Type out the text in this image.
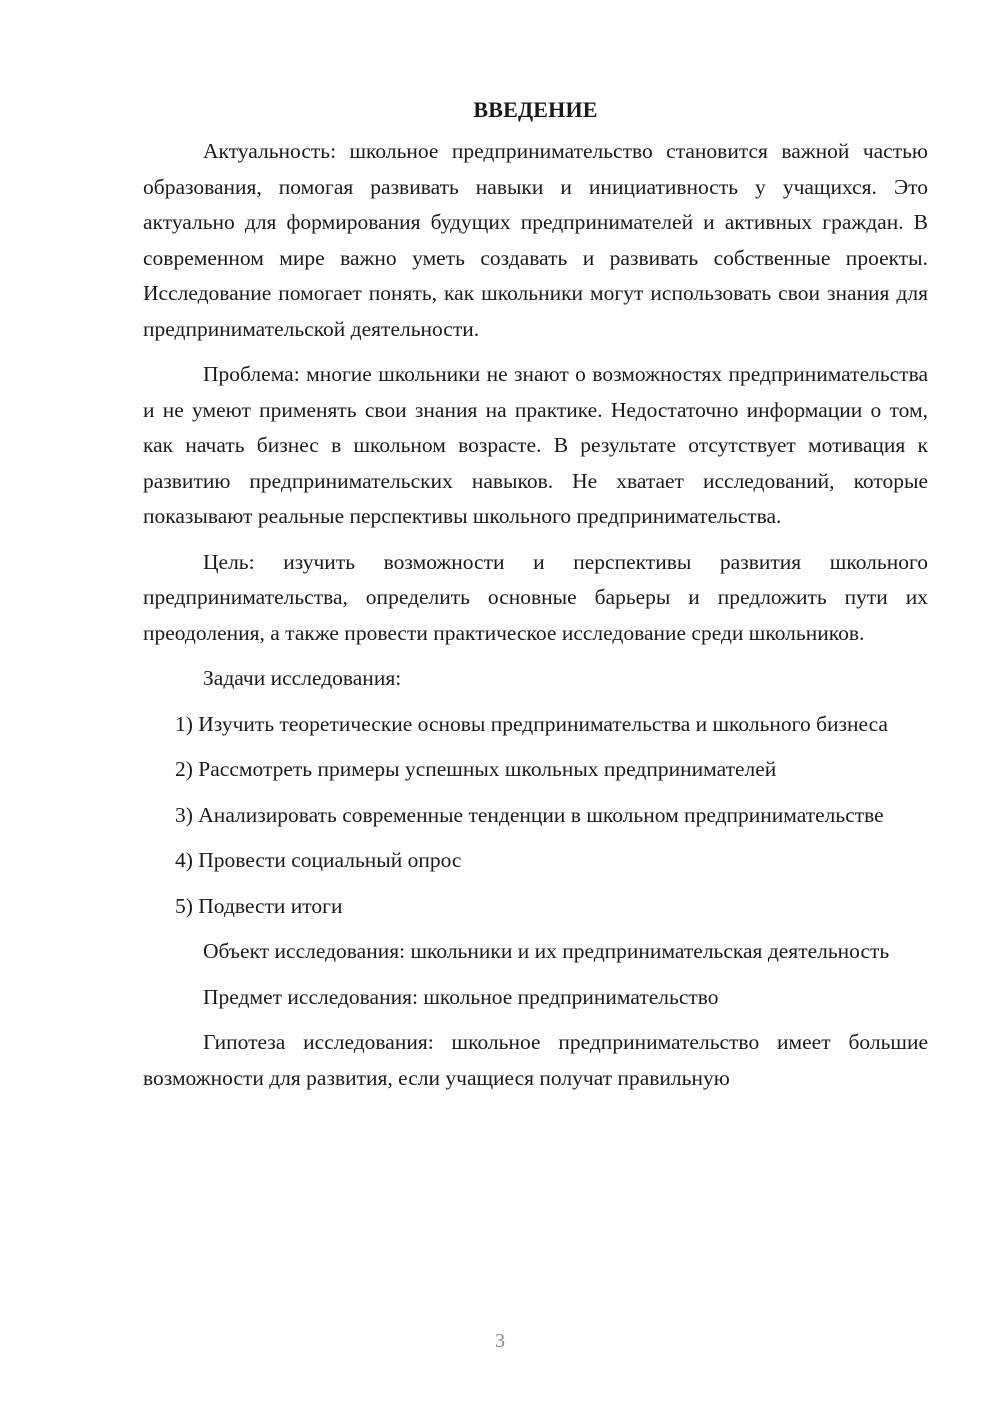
ВВЕДЕНИЕ

Актуальность: школьное предпринимательство становится важной частью образования, помогая развивать навыки и инициативность у учащихся. Это актуально для формирования будущих предпринимателей и активных граждан. В современном мире важно уметь создавать и развивать собственные проекты. Исследование помогает понять, как школьники могут использовать свои знания для предпринимательской деятельности.

Проблема: многие школьники не знают о возможностях предпринимательства и не умеют применять свои знания на практике. Недостаточно информации о том, как начать бизнес в школьном возрасте. В результате отсутствует мотивация к развитию предпринимательских навыков. Не хватает исследований, которые показывают реальные перспективы школьного предпринимательства.

Цель: изучить возможности и перспективы развития школьного предпринимательства, определить основные барьеры и предложить пути их преодоления, а также провести практическое исследование среди школьников.

Задачи исследования:

1) Изучить теоретические основы предпринимательства и школьного бизнеса

2) Рассмотреть примеры успешных школьных предпринимателей

3) Анализировать современные тенденции в школьном предпринимательстве

4) Провести социальный опрос

5) Подвести итоги

Объект исследования: школьники и их предпринимательская деятельность

Предмет исследования: школьное предпринимательство

Гипотеза исследования: школьное предпринимательство имеет большие возможности для развития, если учащиеся получат правильную

3
